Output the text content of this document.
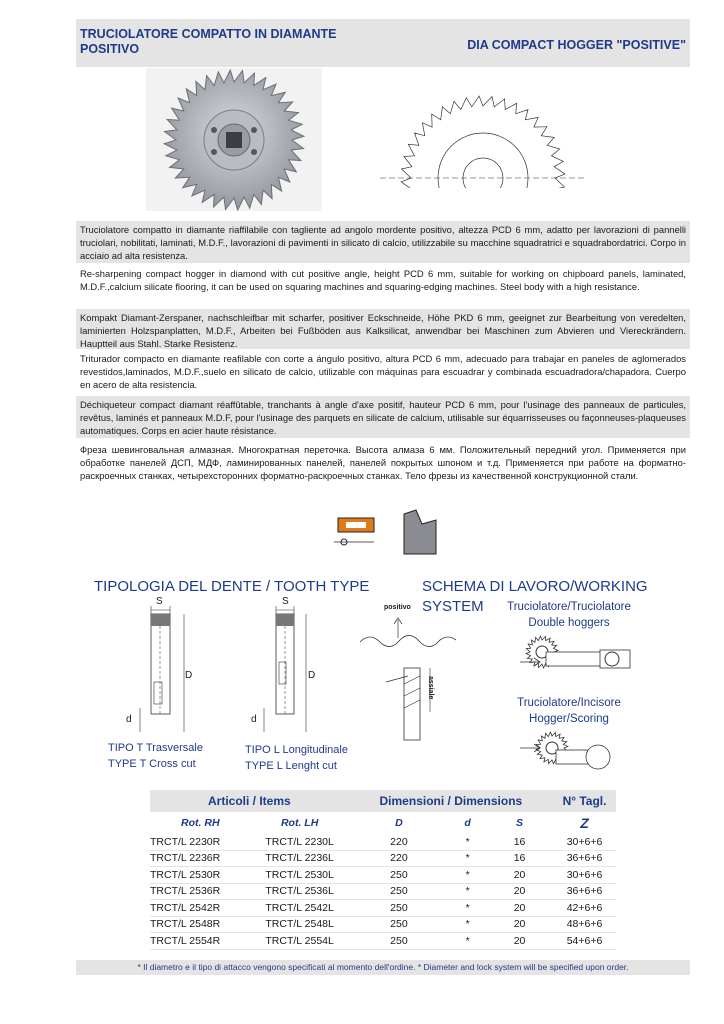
TRUCIOLATORE COMPATTO IN DIAMANTE POSITIVO	DIA COMPACT HOGGER "POSITIVE"
Truciolatore compatto in diamante riaffilabile con tagliente ad angolo mordente positivo, altezza PCD 6 mm, adatto per lavorazioni di pannelli truciolari, nobilitati, laminati, M.D.F., lavorazioni di pavimenti in silicato di calcio, utilizzabile su macchine squadratrici e squadrabordatrici. Corpo in acciaio ad alta resistenza.
Re-sharpening compact hogger in diamond with cut positive angle, height PCD 6 mm, suitable for working on chipboard panels, laminated, M.D.F.,calcium silicate flooring, it can be used on squaring machines and squaring-edging machines. Steel body with a high resistance.
Kompakt Diamant-Zerspaner, nachschleifbar mit scharfer, positiver Eckschneide, Höhe PKD 6 mm, geeignet zur Bearbeitung von veredelten, laminierten Holzspanplatten, M.D.F., Arbeiten bei Fußböden aus Kalksilicat, anwendbar bei Maschinen zum Abvieren und Viereckrändern. Hauptteil aus Stahl. Starke Resistenz.
Triturador compacto en diamante reafilable con corte a ángulo positivo, altura PCD 6 mm, adecuado para trabajar en paneles de aglomerados revestidos,laminados, M.D.F.,suelo en silicato de calcio, utilizable con máquinas para escuadrar y combinada escuadradora/chapadora. Cuerpo en acero de alta resistencia.
Déchiqueteur compact diamant réaffûtable, tranchants à angle d'axe positif, hauteur PCD 6 mm, pour l'usinage des panneaux de particules, revêtus, laminés et panneaux M.D.F, pour l'usinage des parquets en silicate de calcium, utilisable sur équarrisseuses ou façonneuses-plaqueuses automatiques. Corps en acier haute résistance.
Фреза шевинговальная алмазная. Многократная переточка. Высота алмаза 6 мм. Положительный передний угол. Применяется при обработке панелей ДСП, МДФ, ламинированных панелей, панелей покрытых шпоном и т.д. Применяется при работе на форматно-раскроечных станках, четырехсторонних форматно-раскроечных станках. Тело фрезы из качественной конструкционной стали.
TIPOLOGIA DEL DENTE / TOOTH TYPE	SCHEMA DI LAVORO/WORKING
SYSTEM
S
D
d
S
D
d
TIPO T Trasversale
TYPE T Cross cut
TIPO L Longitudinale
TYPE L Lenght cut
positivo
assiale
Truciolatore/Truciolatore
Double hoggers
Truciolatore/Incisore
Hogger/Scoring
Articoli / Items		Dimensioni / Dimensions			N° Tagl.
Rot. RH	Rot. LH	D	d	S	Z
TRCT/L 2230R	TRCT/L 2230L	220	*	16	30+6+6
TRCT/L 2236R	TRCT/L 2236L	220	*	16	36+6+6
TRCT/L 2530R	TRCT/L 2530L	250	*	20	30+6+6
TRCT/L 2536R	TRCT/L 2536L	250	*	20	36+6+6
TRCT/L 2542R	TRCT/L 2542L	250	*	20	42+6+6
TRCT/L 2548R	TRCT/L 2548L	250	*	20	48+6+6
TRCT/L 2554R	TRCT/L 2554L	250	*	20	54+6+6
* Il diametro e il tipo di attacco vengono specificati al momento dell'ordine. * Diameter and lock system will be specified upon order.
